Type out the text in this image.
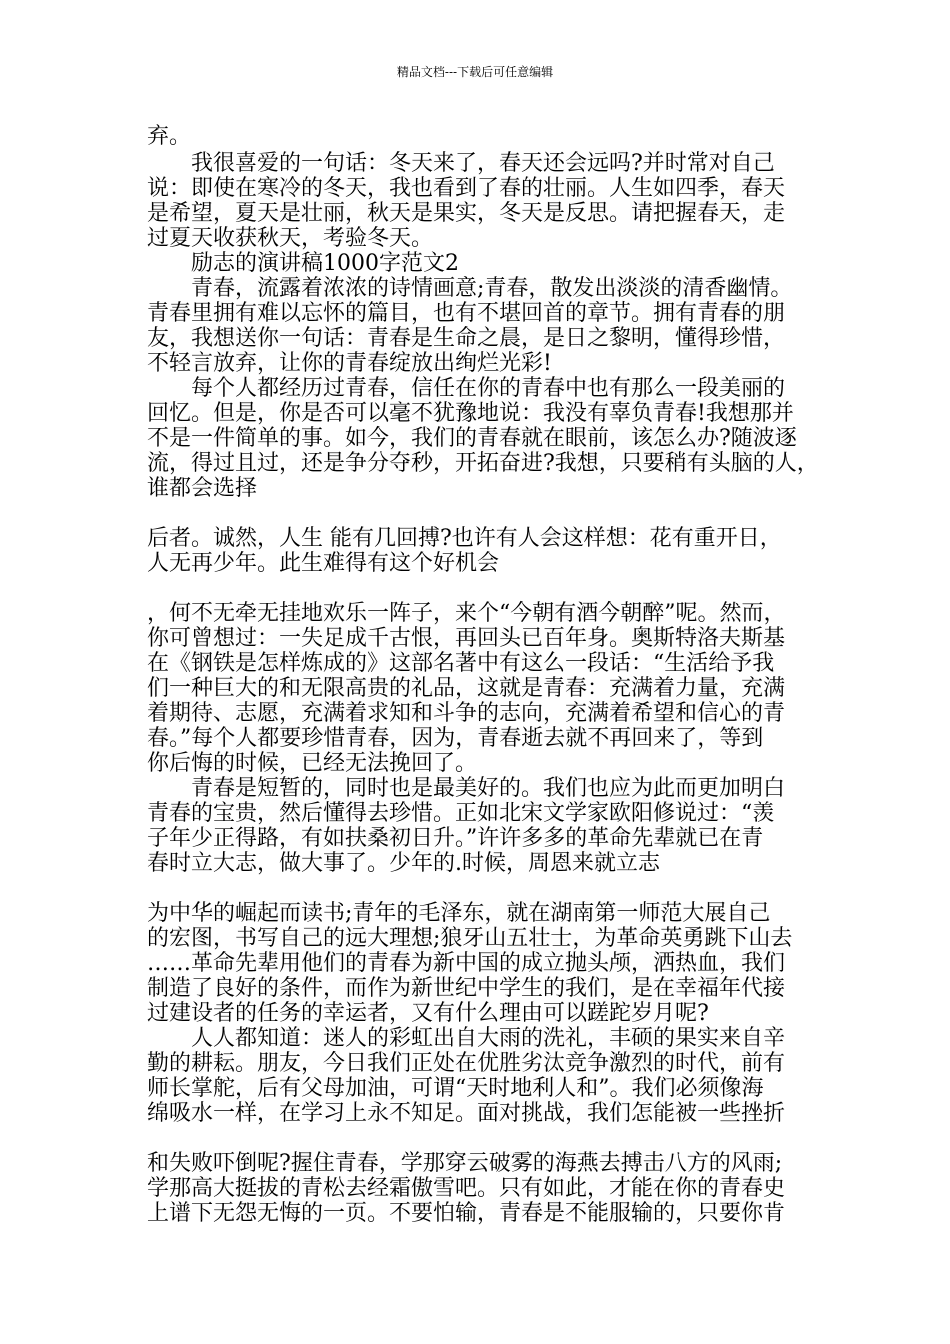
精品文档---下载后可任意编辑
弃。
　　我很喜爱的一句话：冬天来了，春天还会远吗?并时常对自己
说：即使在寒冷的冬天，我也看到了春的壮丽。人生如四季，春天
是希望，夏天是壮丽，秋天是果实，冬天是反思。请把握春天，走
过夏天收获秋天，考验冬天。
　　励志的演讲稿1000字范文2
　　青春，流露着浓浓的诗情画意;青春，散发出淡淡的清香幽情。
青春里拥有难以忘怀的篇目，也有不堪回首的章节。拥有青春的朋
友，我想送你一句话：青春是生命之晨，是日之黎明，懂得珍惜，
不轻言放弃，让你的青春绽放出绚烂光彩!
　　每个人都经历过青春，信任在你的青春中也有那么一段美丽的
回忆。但是，你是否可以毫不犹豫地说：我没有辜负青春!我想那并
不是一件简单的事。如今，我们的青春就在眼前，该怎么办?随波逐
流，得过且过，还是争分夺秒，开拓奋进?我想，只要稍有头脑的人，
谁都会选择
后者。诚然，人生 能有几回搏?也许有人会这样想：花有重开日，
人无再少年。此生难得有这个好机会
，何不无牵无挂地欢乐一阵子，来个“今朝有酒今朝醉”呢。然而，
你可曾想过：一失足成千古恨，再回头已百年身。奥斯特洛夫斯基
在《钢铁是怎样炼成的》这部名著中有这么一段话：“生活给予我
们一种巨大的和无限高贵的礼品，这就是青春：充满着力量，充满
着期待、志愿，充满着求知和斗争的志向，充满着希望和信心的青
春。”每个人都要珍惜青春，因为，青春逝去就不再回来了，等到
你后悔的时候，已经无法挽回了。
　　青春是短暂的，同时也是最美好的。我们也应为此而更加明白
青春的宝贵，然后懂得去珍惜。正如北宋文学家欧阳修说过：“羡
子年少正得路，有如扶桑初日升。”许许多多的革命先辈就已在青
春时立大志，做大事了。少年的.时候，周恩来就立志
为中华的崛起而读书;青年的毛泽东，就在湖南第一师范大展自己
的宏图，书写自己的远大理想;狼牙山五壮士，为革命英勇跳下山去
……革命先辈用他们的青春为新中国的成立抛头颅，洒热血，我们
制造了良好的条件，而作为新世纪中学生的我们，是在幸福年代接
过建设者的任务的幸运者，又有什么理由可以蹉跎岁月呢?
　　人人都知道：迷人的彩虹出自大雨的洗礼，丰硕的果实来自辛
勤的耕耘。朋友，今日我们正处在优胜劣汰竞争激烈的时代，前有
师长掌舵，后有父母加油，可谓“天时地利人和”。我们必须像海
绵吸水一样，在学习上永不知足。面对挑战，我们怎能被一些挫折
和失败吓倒呢?握住青春，学那穿云破雾的海燕去搏击八方的风雨;
学那高大挺拔的青松去经霜傲雪吧。只有如此，才能在你的青春史
上谱下无怨无悔的一页。不要怕输，青春是不能服输的，只要你肯
